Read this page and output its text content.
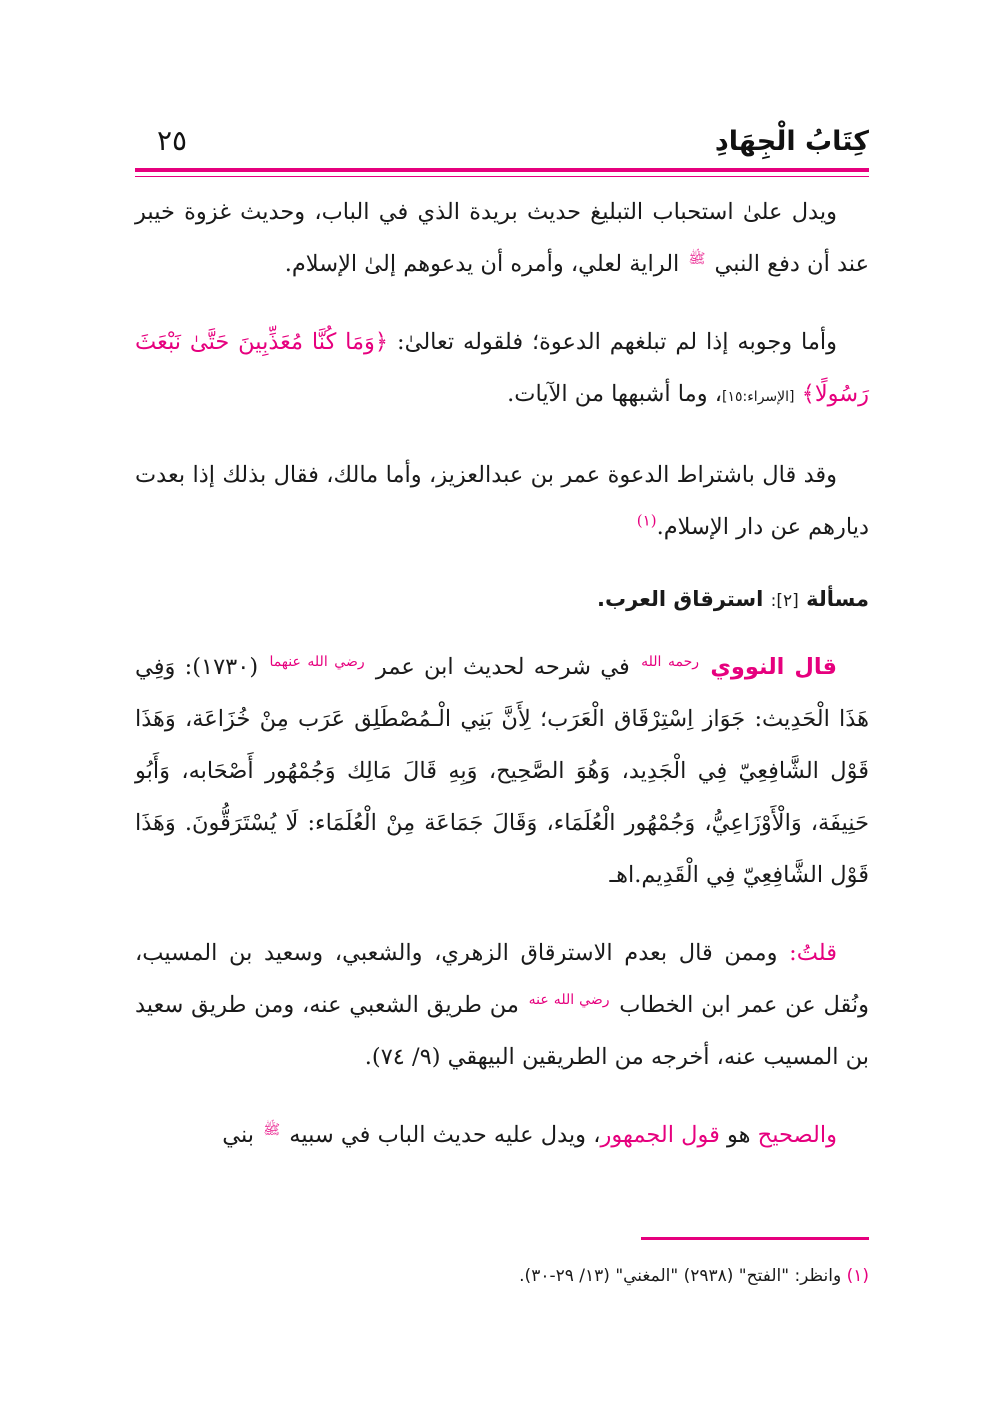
كِتَابُ الْجِهَادِ
٢٥

ويدل علىٰ استحباب التبليغ حديث بريدة الذي في الباب، وحديث غزوة خيبر عند أن دفع النبي $^ﷺ$ الراية لعلي، وأمره أن يدعوهم إلىٰ الإسلام.

وأما وجوبه إذا لم تبلغهم الدعوة؛ فلقوله تعالىٰ: ﴿وَمَا كُنَّا مُعَذِّبِينَ حَتَّىٰ نَبْعَثَ رَسُولًا﴾ [الإسراء:١٥]، وما أشبهها من الآيات.

وقد قال باشتراط الدعوة عمر بن عبدالعزيز، وأما مالك، فقال بذلك إذا بعدت ديارهم عن دار الإسلام.$^{(١)}$

مسألة [٢]: استرقاق العرب.

قال النووي $^{رحمه الله}$ في شرحه لحديث ابن عمر $^{رضي الله عنهما}$ (١٧٣٠): وَفِي هَذَا الْحَدِيث: جَوَاز اِسْتِرْقَاق الْعَرَب؛ لِأَنَّ بَنِي الْـمُصْطَلِق عَرَب مِنْ خُزَاعَة، وَهَذَا قَوْل الشَّافِعِيّ فِي الْجَدِيد، وَهُوَ الصَّحِيح، وَبِهِ قَالَ مَالِك وَجُمْهُور أَصْحَابه، وَأَبُو حَنِيفَة، وَالْأَوْزَاعِيُّ، وَجُمْهُور الْعُلَمَاء، وَقَالَ جَمَاعَة مِنْ الْعُلَمَاء: لَا يُسْتَرَقُّونَ. وَهَذَا قَوْل الشَّافِعِيّ فِي الْقَدِيم.اهـ

قلتُ: وممن قال بعدم الاسترقاق الزهري، والشعبي، وسعيد بن المسيب، ونُقل عن عمر ابن الخطاب $^{رضي الله عنه}$ من طريق الشعبي عنه، ومن طريق سعيد بن المسيب عنه، أخرجه من الطريقين البيهقي (٩/ ٧٤).

والصحيح هو قول الجمهور، ويدل عليه حديث الباب في سبيه $^ﷺ$ بني

(١) وانظر: "الفتح" (٢٩٣٨) "المغني" (١٣/ ٢٩-٣٠).
